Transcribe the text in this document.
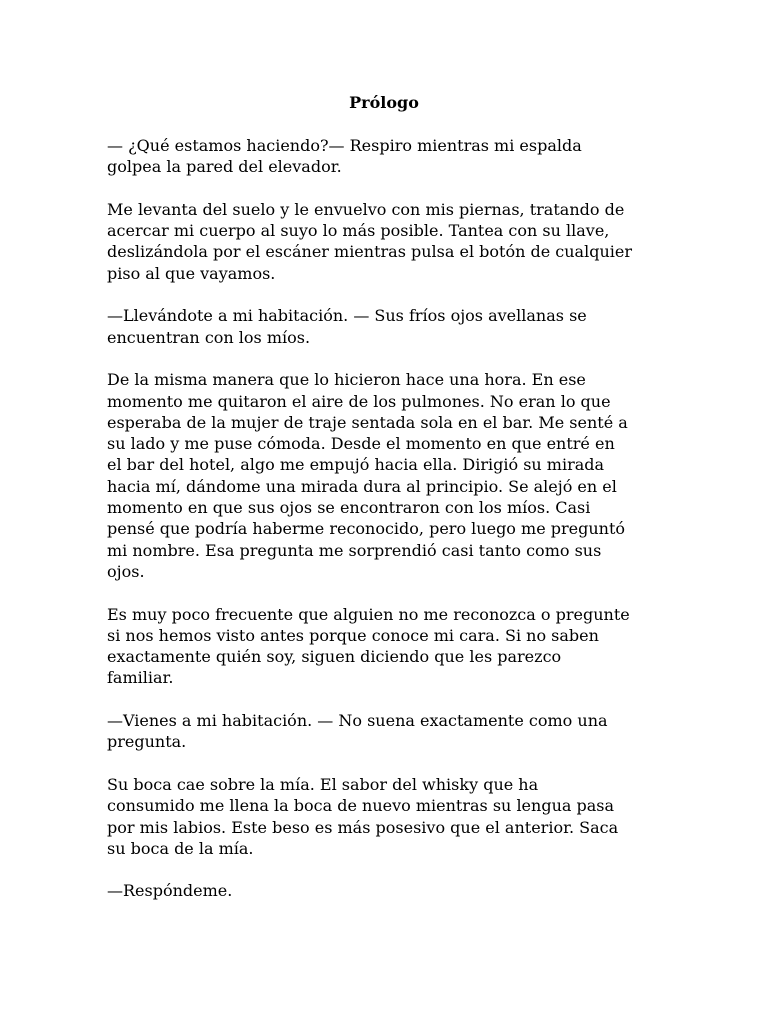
Prólogo

— ¿Qué estamos haciendo?— Respiro mientras mi espalda
golpea la pared del elevador.

Me levanta del suelo y le envuelvo con mis piernas, tratando de
acercar mi cuerpo al suyo lo más posible. Tantea con su llave,
deslizándola por el escáner mientras pulsa el botón de cualquier
piso al que vayamos.

—Llevándote a mi habitación. — Sus fríos ojos avellanas se
encuentran con los míos.

De la misma manera que lo hicieron hace una hora. En ese
momento me quitaron el aire de los pulmones. No eran lo que
esperaba de la mujer de traje sentada sola en el bar. Me senté a
su lado y me puse cómoda. Desde el momento en que entré en
el bar del hotel, algo me empujó hacia ella. Dirigió su mirada
hacia mí, dándome una mirada dura al principio. Se alejó en el
momento en que sus ojos se encontraron con los míos. Casi
pensé que podría haberme reconocido, pero luego me preguntó
mi nombre. Esa pregunta me sorprendió casi tanto como sus
ojos.

Es muy poco frecuente que alguien no me reconozca o pregunte
si nos hemos visto antes porque conoce mi cara. Si no saben
exactamente quién soy, siguen diciendo que les parezco
familiar.

—Vienes a mi habitación. — No suena exactamente como una
pregunta.

Su boca cae sobre la mía. El sabor del whisky que ha
consumido me llena la boca de nuevo mientras su lengua pasa
por mis labios. Este beso es más posesivo que el anterior. Saca
su boca de la mía.

—Respóndeme.
